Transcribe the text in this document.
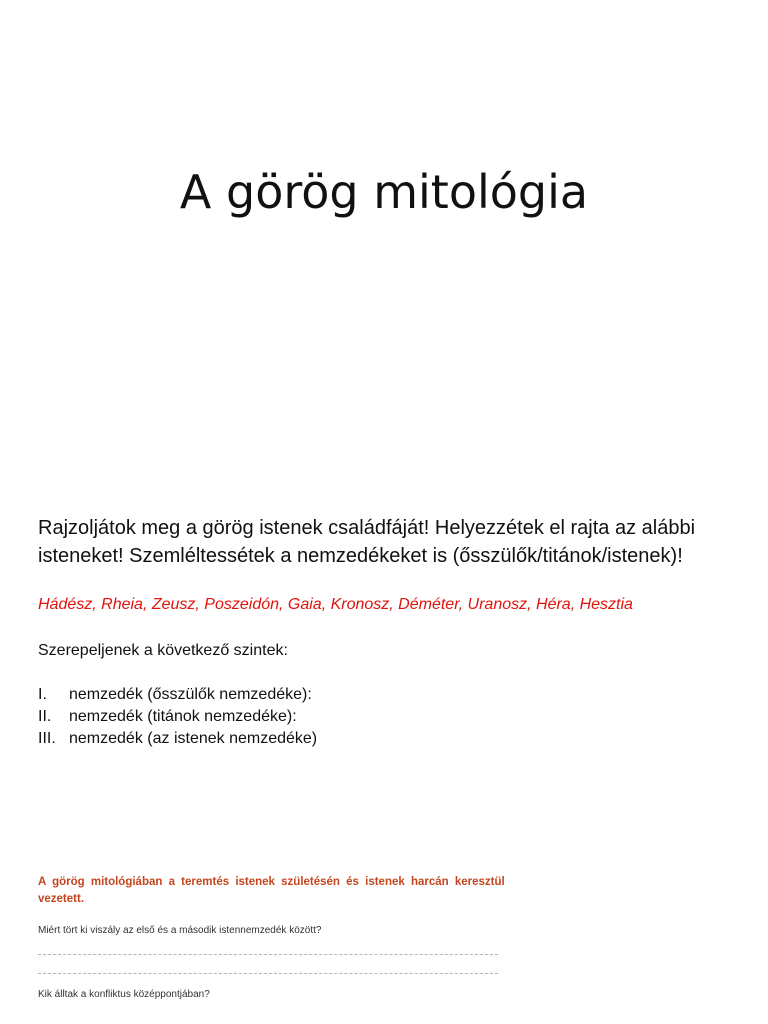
A görög mitológia

Rajzoljátok meg a görög istenek családfáját! Helyezzétek el rajta az alábbi isteneket! Szemléltessétek a nemzedékeket is (ősszülők/titánok/istenek)!

Hádész, Rheia, Zeusz, Poszeidón, Gaia, Kronosz, Déméter, Uranosz, Héra, Hesztia

Szerepeljenek a következő szintek:

nemzedék (ősszülők nemzedéke):
nemzedék (titánok nemzedéke):
nemzedék (az istenek nemzedéke)

A görög mitológiában a teremtés istenek születésén és istenek harcán keresztül vezetett.

Miért tört ki viszály az első és a második istennemzedék között?

Kik álltak a konfliktus középpontjában?
